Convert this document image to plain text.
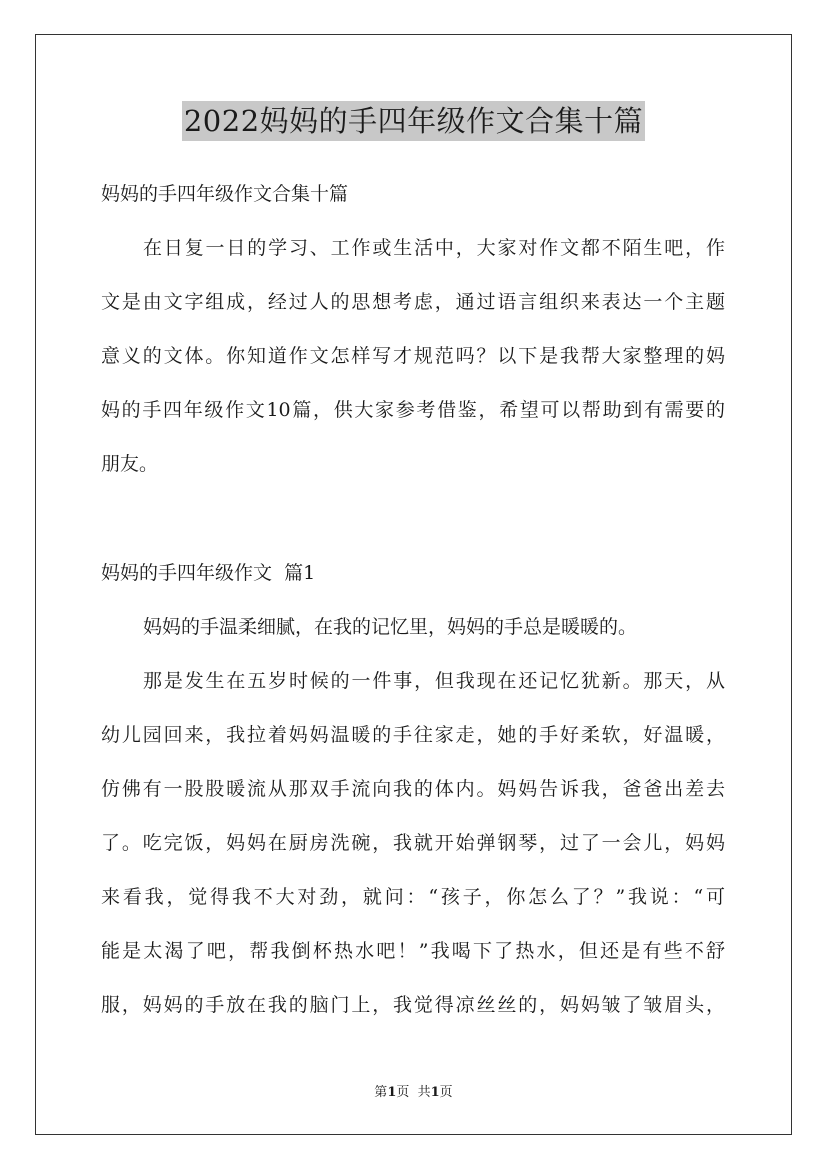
2022妈妈的手四年级作文合集十篇
妈妈的手四年级作文合集十篇
在日复一日的学习、工作或生活中，大家对作文都不陌生吧，作
文是由文字组成，经过人的思想考虑，通过语言组织来表达一个主题
意义的文体。你知道作文怎样写才规范吗？以下是我帮大家整理的妈
妈的手四年级作文10篇，供大家参考借鉴，希望可以帮助到有需要的
朋友。
妈妈的手四年级作文  篇1
妈妈的手温柔细腻，在我的记忆里，妈妈的手总是暖暖的。
那是发生在五岁时候的一件事，但我现在还记忆犹新。那天，从
幼儿园回来，我拉着妈妈温暖的手往家走，她的手好柔软，好温暖，
仿佛有一股股暖流从那双手流向我的体内。妈妈告诉我，爸爸出差去
了。吃完饭，妈妈在厨房洗碗，我就开始弹钢琴，过了一会儿，妈妈
来看我，觉得我不大对劲，就问：“孩子，你怎么了？”我说：“可
能是太渴了吧，帮我倒杯热水吧！”我喝下了热水，但还是有些不舒
服，妈妈的手放在我的脑门上，我觉得凉丝丝的，妈妈皱了皱眉头，
第1页  共1页
